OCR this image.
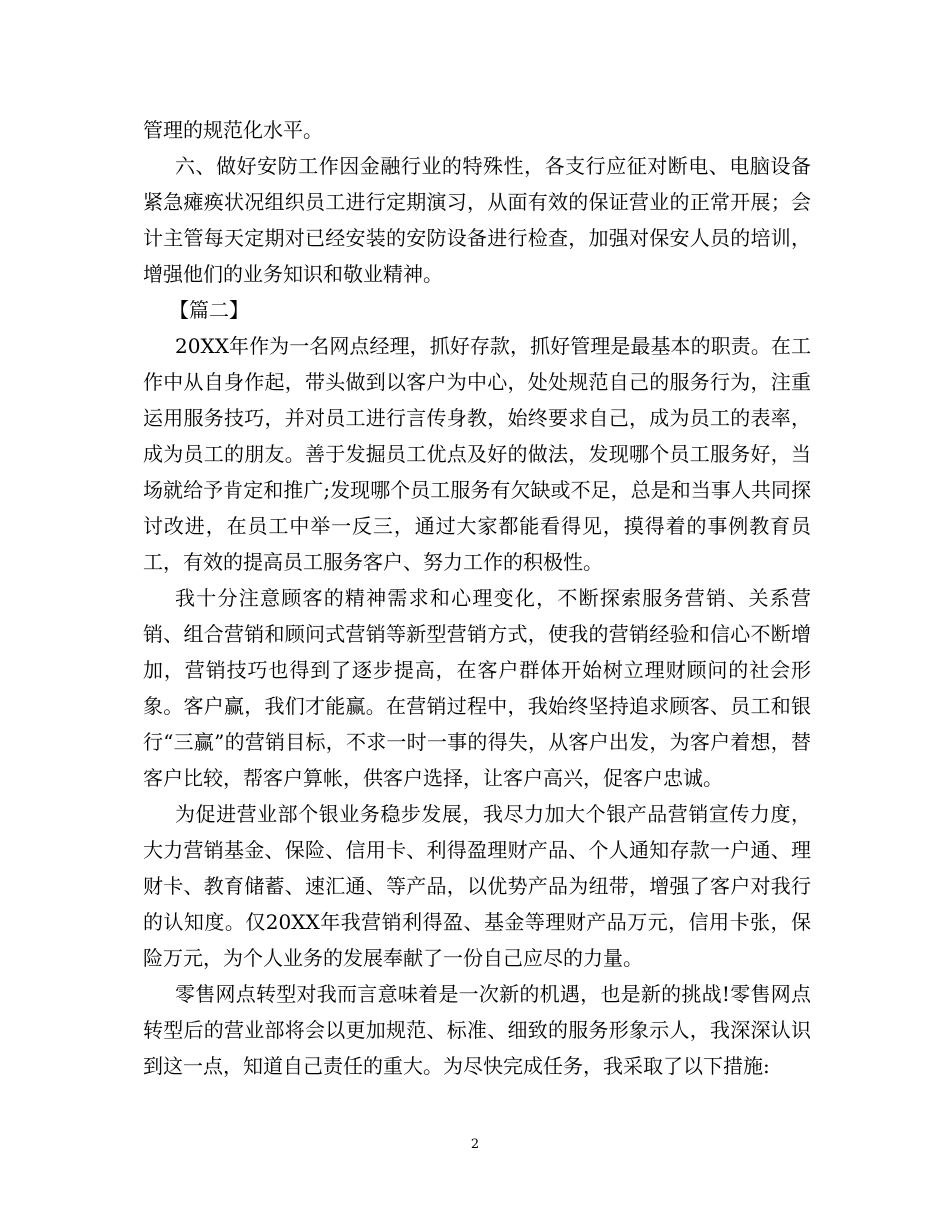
管理的规范化水平。

六、做好安防工作因金融行业的特殊性，各支行应征对断电、电脑设备紧急瘫痪状况组织员工进行定期演习，从面有效的保证营业的正常开展；会计主管每天定期对已经安装的安防设备进行检查，加强对保安人员的培训，增强他们的业务知识和敬业精神。

【篇二】

20XX年作为一名网点经理，抓好存款，抓好管理是最基本的职责。在工作中从自身作起，带头做到以客户为中心，处处规范自己的服务行为，注重运用服务技巧，并对员工进行言传身教，始终要求自己，成为员工的表率，成为员工的朋友。善于发掘员工优点及好的做法，发现哪个员工服务好，当场就给予肯定和推广;发现哪个员工服务有欠缺或不足，总是和当事人共同探讨改进，在员工中举一反三，通过大家都能看得见，摸得着的事例教育员工，有效的提高员工服务客户、努力工作的积极性。

我十分注意顾客的精神需求和心理变化，不断探索服务营销、关系营销、组合营销和顾问式营销等新型营销方式，使我的营销经验和信心不断增加，营销技巧也得到了逐步提高，在客户群体开始树立理财顾问的社会形象。客户赢，我们才能赢。在营销过程中，我始终坚持追求顾客、员工和银行“三赢”的营销目标，不求一时一事的得失，从客户出发，为客户着想，替客户比较，帮客户算帐，供客户选择，让客户高兴，促客户忠诚。

为促进营业部个银业务稳步发展，我尽力加大个银产品营销宣传力度，大力营销基金、保险、信用卡、利得盈理财产品、个人通知存款一户通、理财卡、教育储蓄、速汇通、等产品，以优势产品为纽带，增强了客户对我行的认知度。仅20XX年我营销利得盈、基金等理财产品万元，信用卡张，保险万元，为个人业务的发展奉献了一份自己应尽的力量。

零售网点转型对我而言意味着是一次新的机遇，也是新的挑战!零售网点转型后的营业部将会以更加规范、标准、细致的服务形象示人，我深深认识到这一点，知道自己责任的重大。为尽快完成任务，我采取了以下措施:

2
